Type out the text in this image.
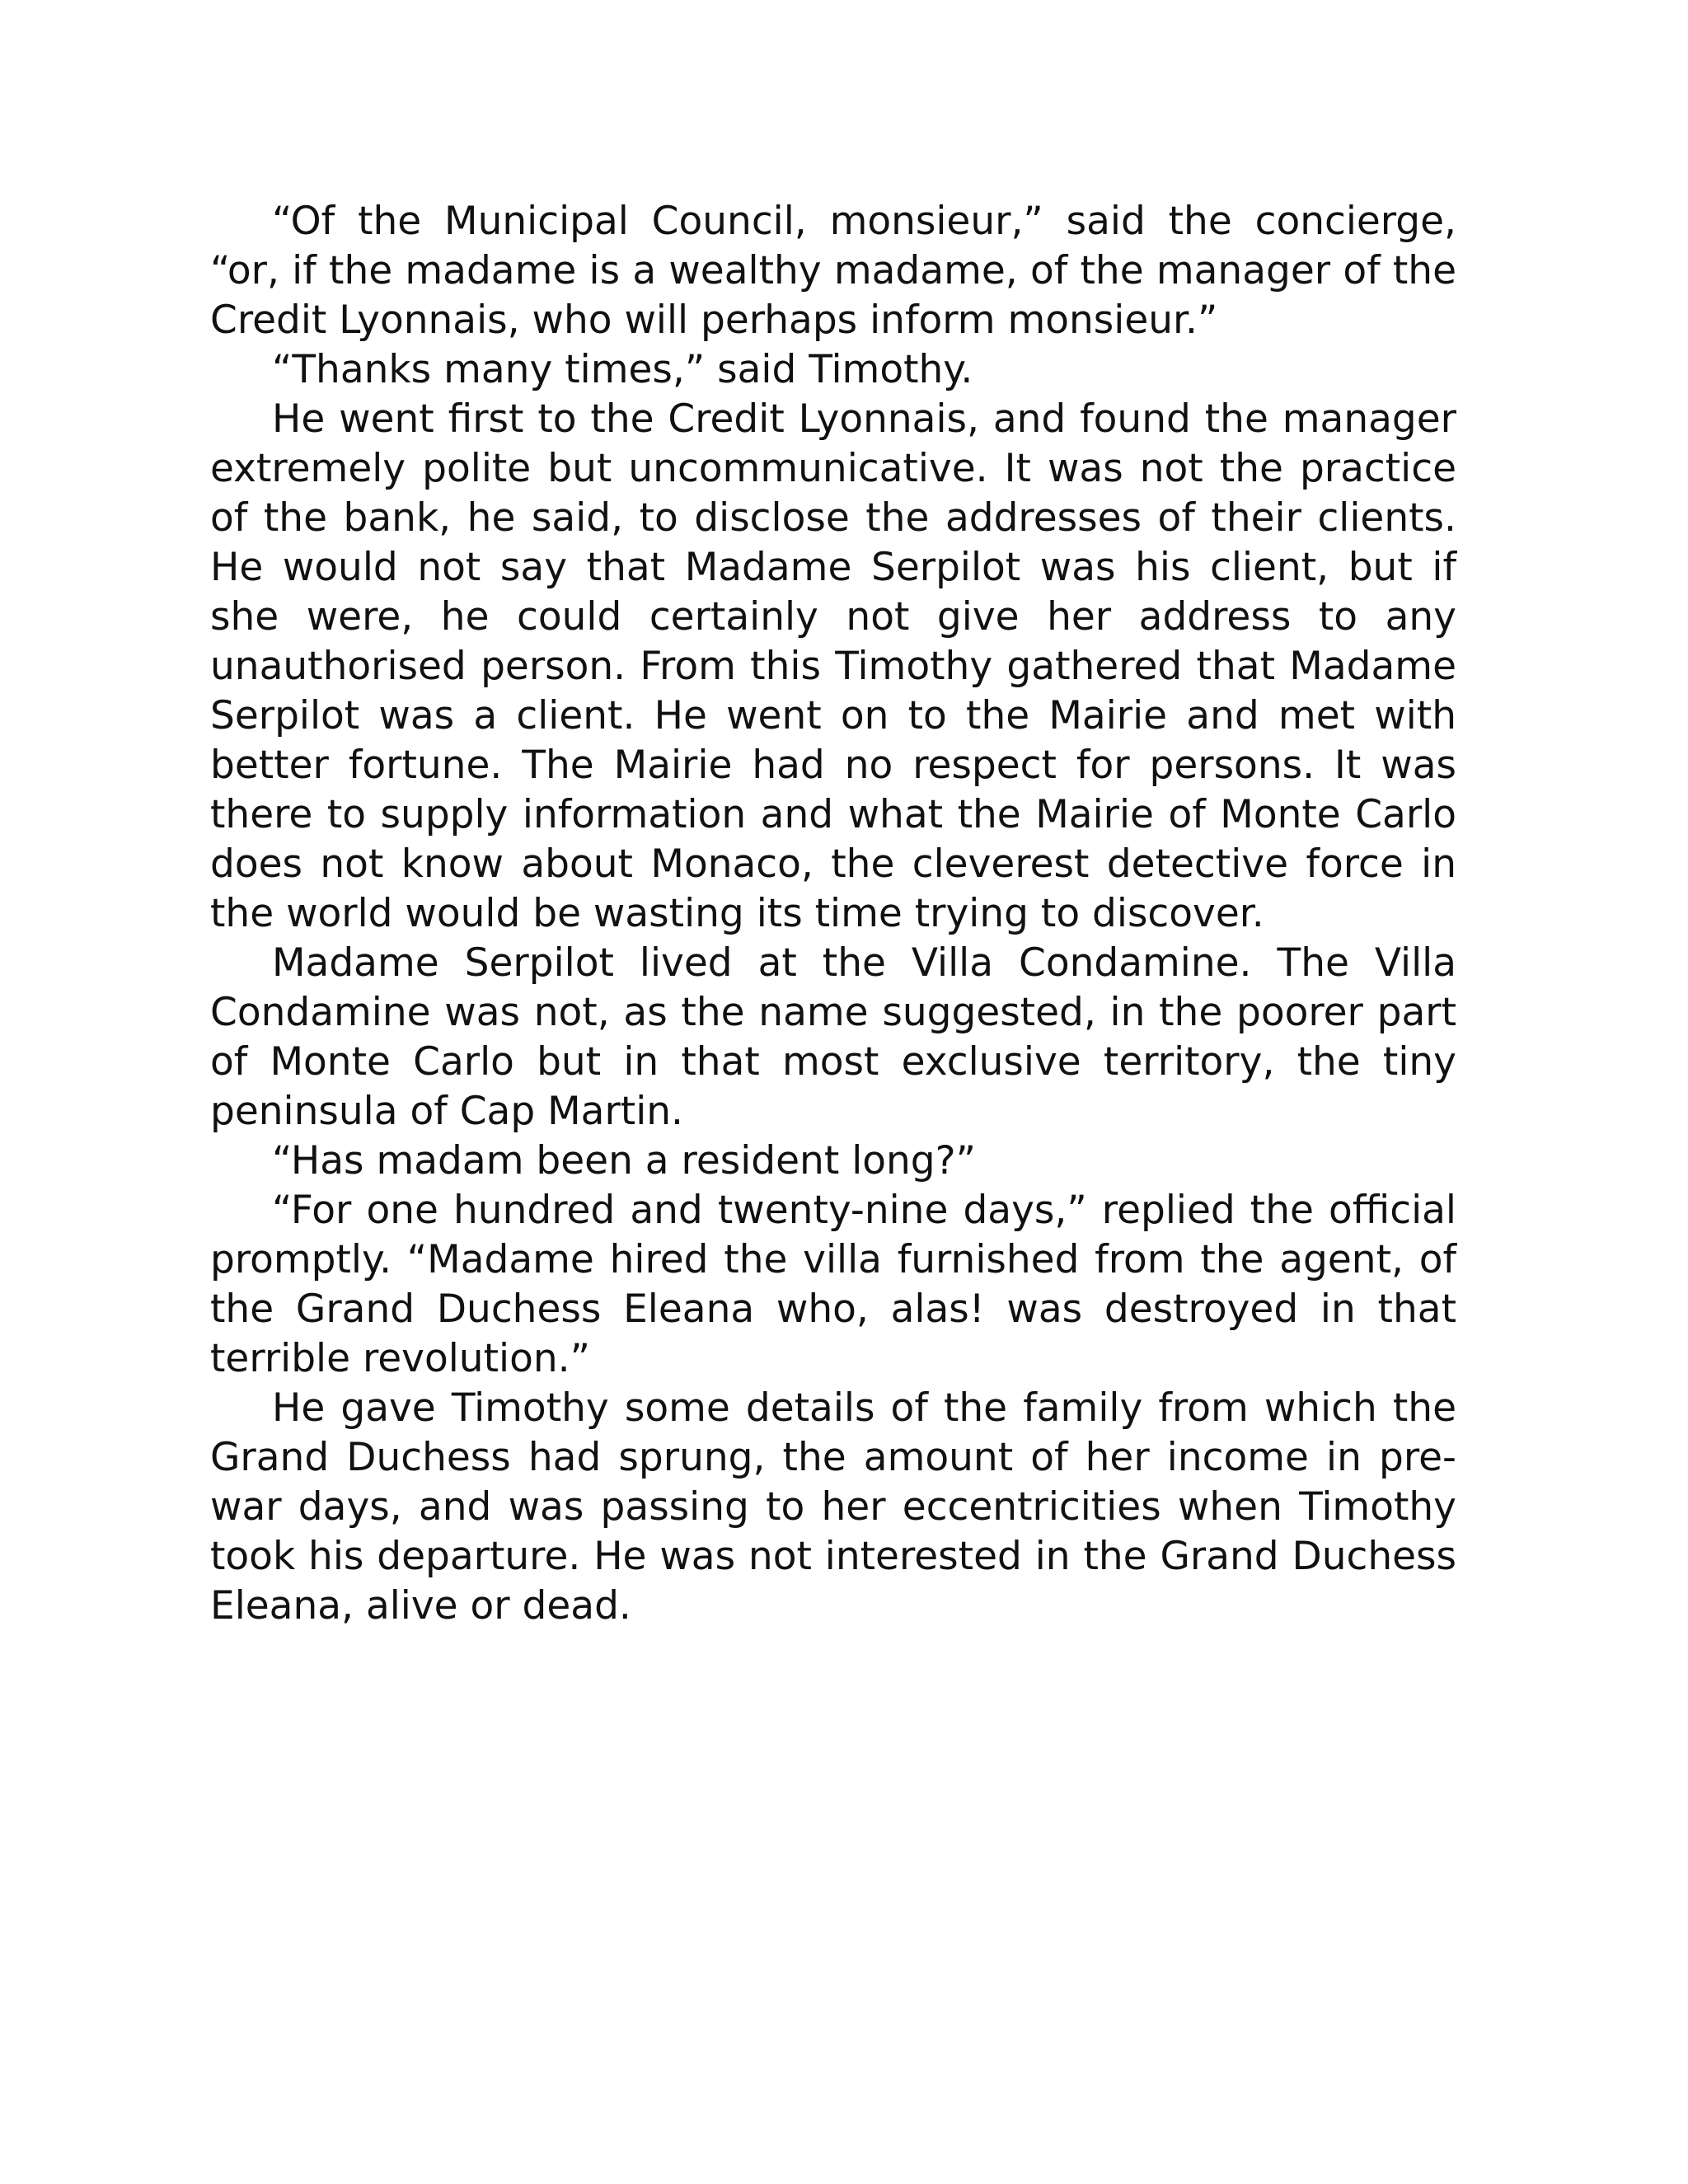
“Of the Municipal Council, monsieur,” said the concierge, “or, if the madame is a wealthy madame, of the manager of the Credit Lyonnais, who will perhaps inform monsieur.”

“Thanks many times,” said Timothy.

He went first to the Credit Lyonnais, and found the manager extremely polite but uncommunicative. It was not the practice of the bank, he said, to disclose the addresses of their clients. He would not say that Madame Serpilot was his client, but if she were, he could certainly not give her address to any unauthorised person. From this Timothy gathered that Madame Serpilot was a client. He went on to the Mairie and met with better fortune. The Mairie had no respect for persons. It was there to supply information and what the Mairie of Monte Carlo does not know about Monaco, the cleverest detective force in the world would be wasting its time trying to discover.

Madame Serpilot lived at the Villa Condamine. The Villa Condamine was not, as the name suggested, in the poorer part of Monte Carlo but in that most exclusive territory, the tiny peninsula of Cap Martin.

“Has madam been a resident long?”

“For one hundred and twenty-nine days,” replied the official promptly. “Madame hired the villa furnished from the agent, of the Grand Duchess Eleana who, alas! was destroyed in that terrible revolution.”

He gave Timothy some details of the family from which the Grand Duchess had sprung, the amount of her income in pre-war days, and was passing to her eccentricities when Timothy took his departure. He was not interested in the Grand Duchess Eleana, alive or dead.
